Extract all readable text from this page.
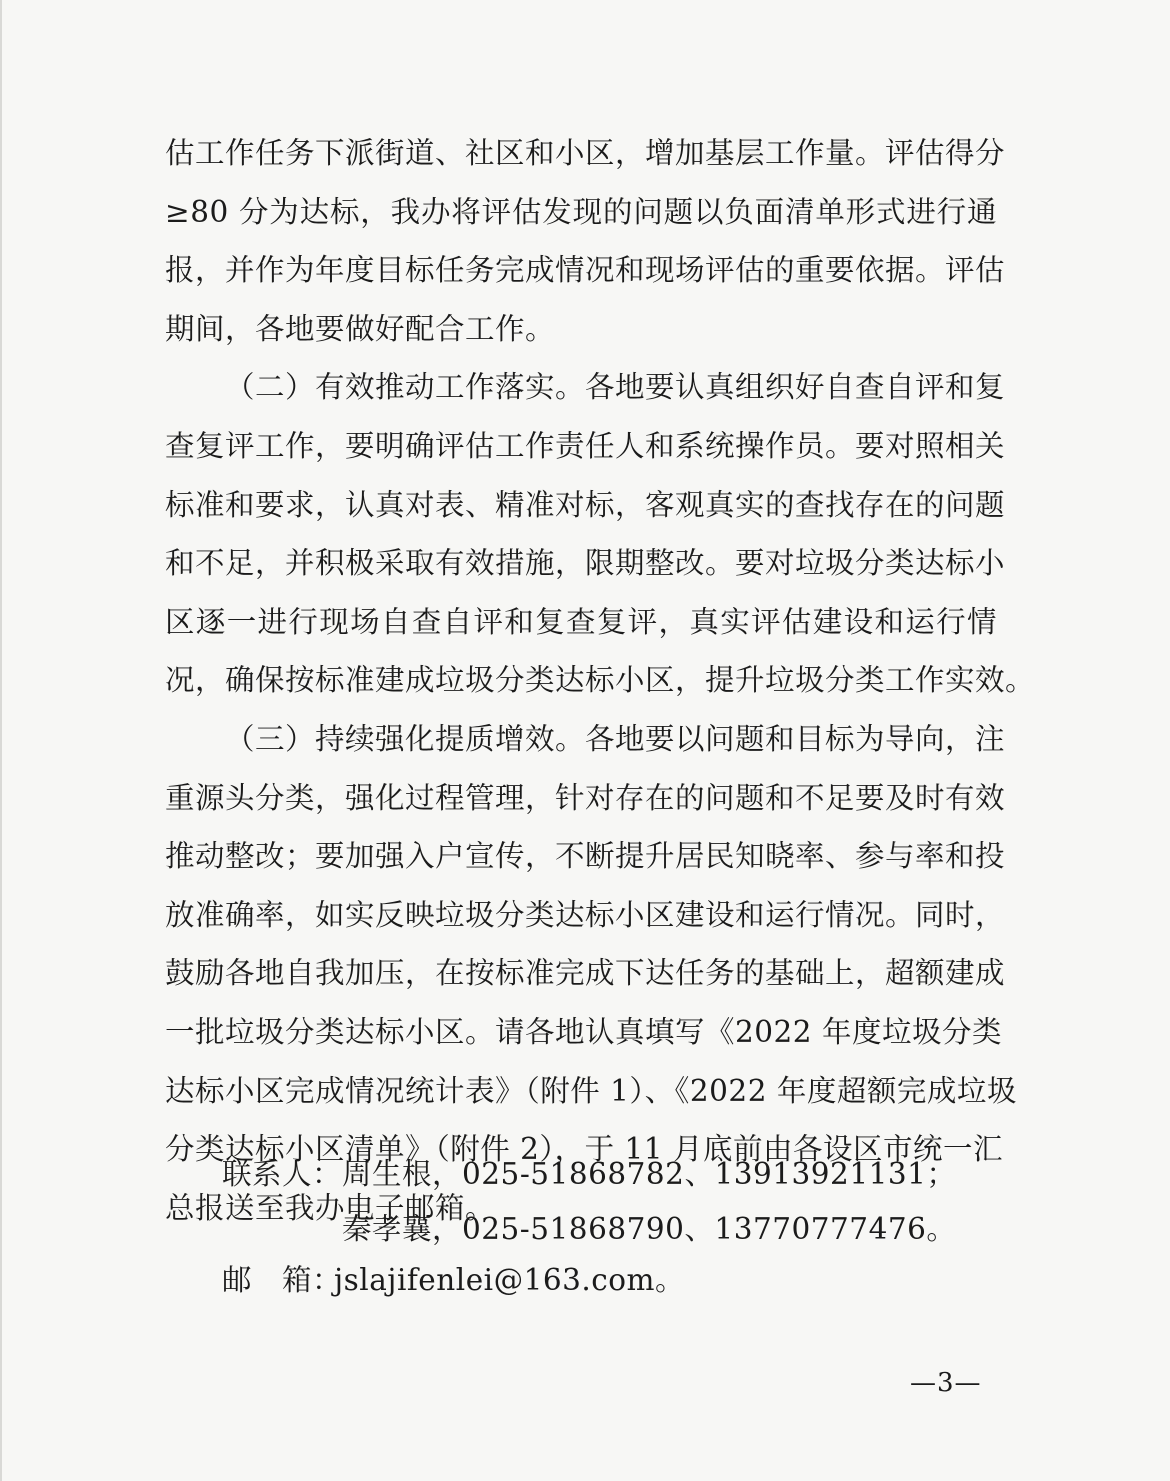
估工作任务下派街道、社区和小区，增加基层工作量。评估得分
≥80 分为达标，我办将评估发现的问题以负面清单形式进行通
报，并作为年度目标任务完成情况和现场评估的重要依据。评估
期间，各地要做好配合工作。
（二）有效推动工作落实。各地要认真组织好自查自评和复
查复评工作，要明确评估工作责任人和系统操作员。要对照相关
标准和要求，认真对表、精准对标，客观真实的查找存在的问题
和不足，并积极采取有效措施，限期整改。要对垃圾分类达标小
区逐一进行现场自查自评和复查复评，真实评估建设和运行情
况，确保按标准建成垃圾分类达标小区，提升垃圾分类工作实效。
（三）持续强化提质增效。各地要以问题和目标为导向，注
重源头分类，强化过程管理，针对存在的问题和不足要及时有效
推动整改；要加强入户宣传，不断提升居民知晓率、参与率和投
放准确率，如实反映垃圾分类达标小区建设和运行情况。同时，
鼓励各地自我加压，在按标准完成下达任务的基础上，超额建成
一批垃圾分类达标小区。请各地认真填写《2022 年度垃圾分类
达标小区完成情况统计表》（附件 1）、《2022 年度超额完成垃圾
分类达标小区清单》（附件 2），于 11 月底前由各设区市统一汇
总报送至我办电子邮箱。
联系人：周生根，025-51868782、13913921131；
秦孝襄，025-51868790、13770777476。
邮　箱：jslajifenlei@163.com。
—3—
